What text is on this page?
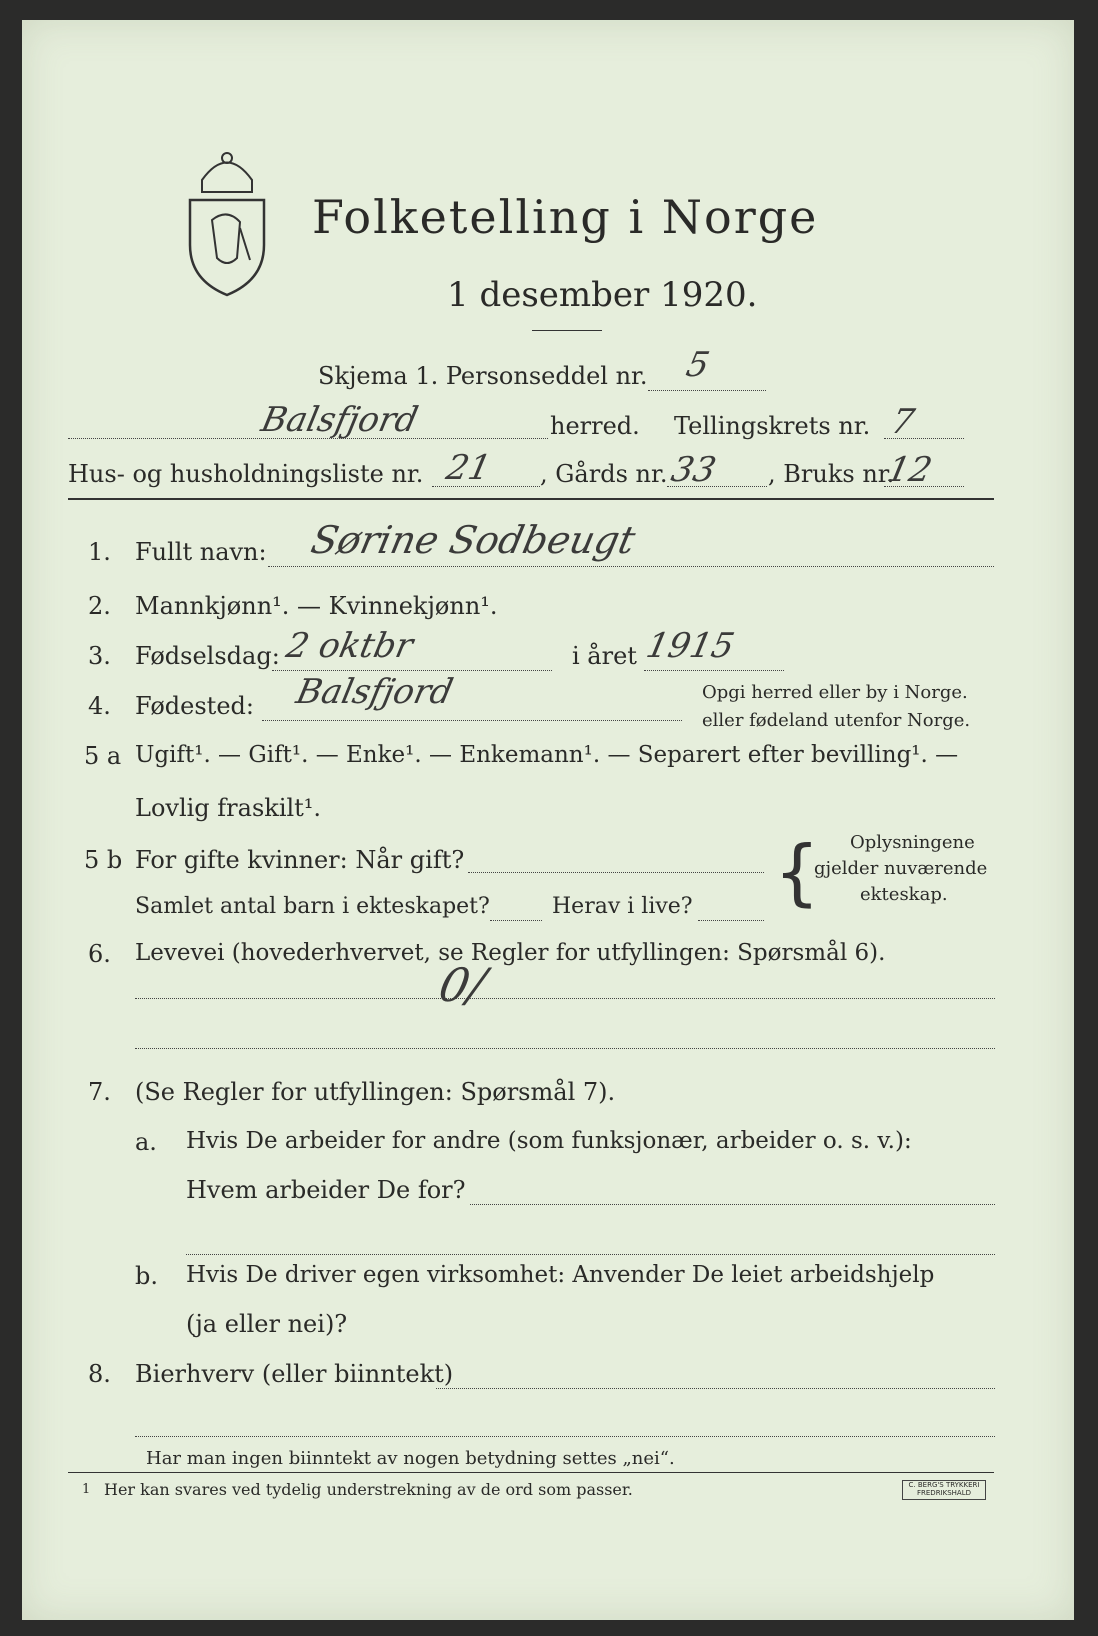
Folketelling i Norge
1 desember 1920.
Skjema 1. Personseddel nr. 5
Balsfjord	herred. Tellingskrets nr. 7
Hus- og husholdningsliste nr. 21 , Gårds nr. 33 , Bruks nr.
12
1. Fullt navn: Sørine Sodbeugt
2. Mannkjønn¹. — Kvinnekjønn¹.
3. Fødselsdag: 2 oktbr	i året 1915
4. Fødested: Balsfjord	Opgi herred eller by i Norge.
eller fødeland utenfor Norge.
5 a Ugift¹. — Gift¹. — Enke¹. — Enkemann¹. — Separert efter bevilling¹. —
Lovlig fraskilt¹.
5 b For gifte kvinner: Når gift?
Samlet antal barn i ekteskapet?	Herav i live? { Oplysningene
gjelder nuværende
ekteskap.
6. Levevei (hovederhvervet, se Regler for utfyllingen: Spørsmål 6).
0/
7. (Se Regler for utfyllingen: Spørsmål 7).
a. Hvis De arbeider for andre (som funksjonær, arbeider o. s. v.):
Hvem arbeider De for?
b. Hvis De driver egen virksomhet: Anvender De leiet arbeidshjelp
(ja eller nei)?
8. Bierhverv (eller biinntekt)
Har man ingen biinntekt av nogen betydning settes „nei“.
1 Her kan svares ved tydelig understrekning av de ord som passer.	C. BERG'S TRYKKERI FREDRIKSHALD
